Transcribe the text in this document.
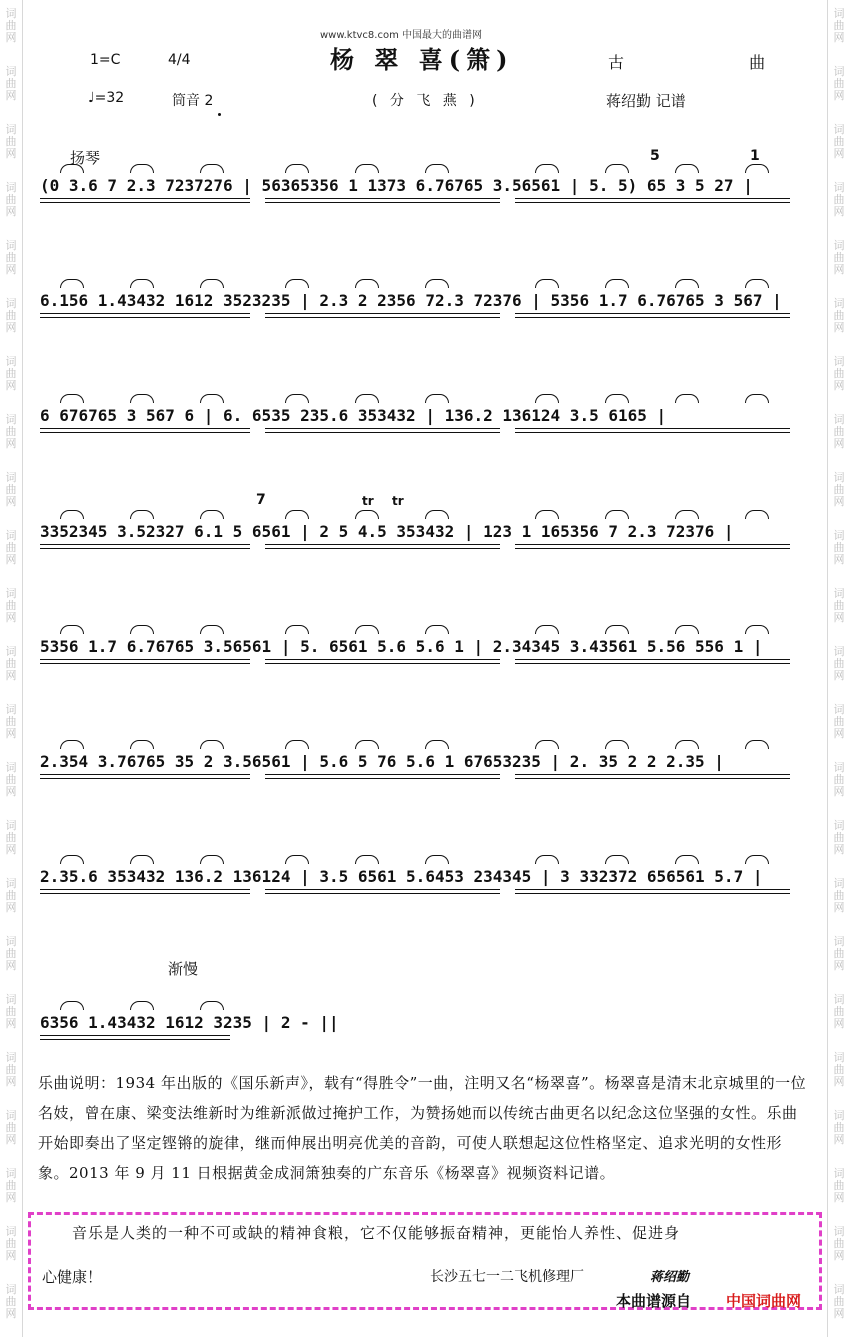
词
曲
网
词
曲
网
词
曲
网
词
曲
网
词
曲
网
词
曲
网
词
曲
网
词
曲
网
词
曲
网
词
曲
网
词
曲
网
词
曲
网
词
曲
网
词
曲
网
词
曲
网
词
曲
网
词
曲
网
词
曲
网
词
曲
网
词
曲
网
词
曲
网
词
曲
网
词
曲
网
词
曲
网
词
曲
网
词
曲
网
词
曲
网
词
曲
网
词
曲
网
词
曲
网
词
曲
网
词
曲
网
词
曲
网
词
曲
网
词
曲
网
词
曲
网
词
曲
网
词
曲
网
词
曲
网
词
曲
网
词
曲
网
词
曲
网
词
曲
网
词
曲
网
词
曲
网
词
曲
网
www.ktvc8.com 中国最大的曲谱网
1=C	4/4	杨 翠 喜(箫)	古 曲
♩=32	筒音 2	( 分 飞 燕 )	蒋绍勤 记谱
扬琴
渐慢
5	1
7	tr tr
(0 3.6 7 2.3 7237276 | 56365356 1 1373 6.76765 3.56561 | 5. 5) 65 3 5 27 |
6.156 1.43432 1612 3523235 | 2.3 2 2356 72.3 72376 | 5356 1.7 6.76765 3 567 |
6 676765 3 567 6 | 6. 6535 235.6 353432 | 136.2 136124 3.5 6165 |
3352345 3.52327 6.1 5 6561 | 2 5 4.5 353432 | 123 1 165356 7 2.3 72376 |
5356 1.7 6.76765 3.56561 | 5. 6561 5.6 5.6 1 | 2.34345 3.43561 5.56 556 1 |
2.354 3.76765 35 2 3.56561 | 5.6 5 76 5.6 1 67653235 | 2. 35 2 2 2.35 |
2.35.6 353432 136.2 136124 | 3.5 6561 5.6453 234345 | 3 332372 656561 5.7 |
6356 1.43432 1612 3235 | 2 - ||
乐曲说明：1934 年出版的《国乐新声》，载有“得胜令”一曲，注明又名“杨翠喜”。杨翠喜是清末北京城里的一位名妓，曾在康、梁变法维新时为维新派做过掩护工作，为赞扬她而以传统古曲更名以纪念这位坚强的女性。乐曲开始即奏出了坚定铿锵的旋律，继而伸展出明亮优美的音韵，可使人联想起这位性格坚定、追求光明的女性形象。2013 年 9 月 11 日根据黄金成洞箫独奏的广东音乐《杨翠喜》视频资料记谱。
音乐是人类的一种不可或缺的精神食粮，它不仅能够振奋精神，更能怡人养性、促进身
心健康！	长沙五七一二飞机修理厂	蒋绍勤
本曲谱源自 中国词曲网
